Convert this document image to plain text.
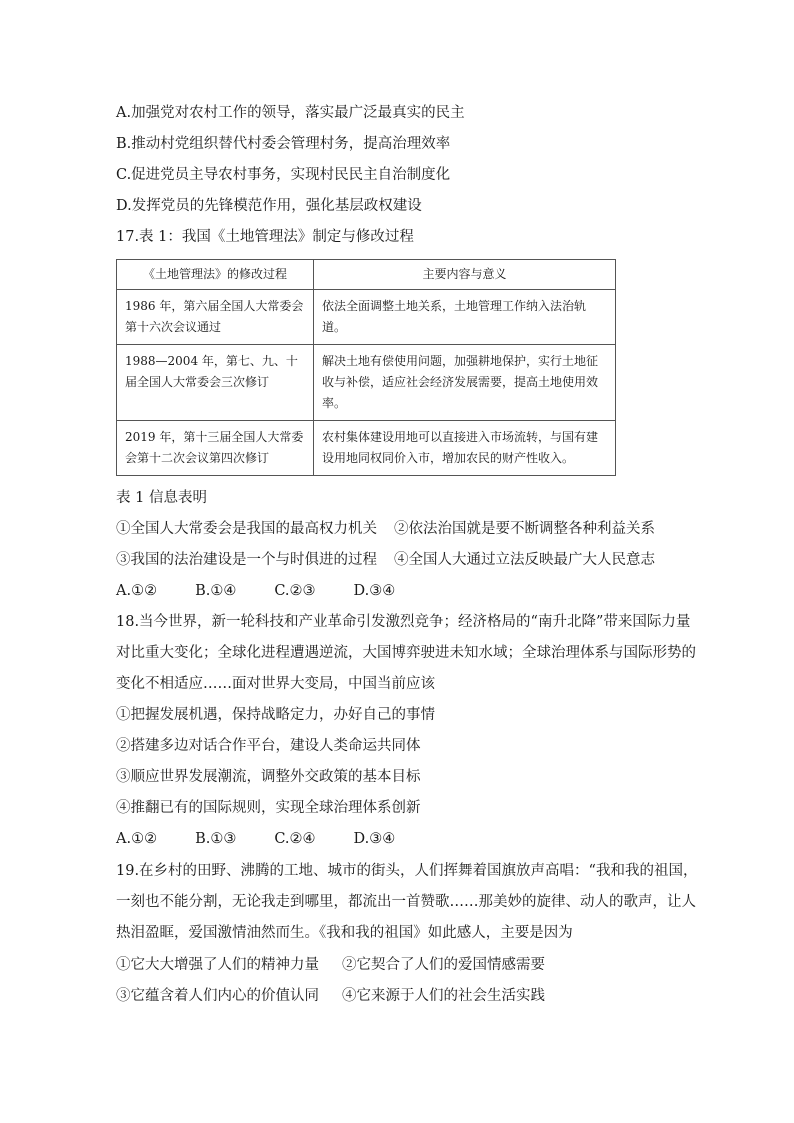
A.加强党对农村工作的领导，落实最广泛最真实的民主
B.推动村党组织替代村委会管理村务，提高治理效率
C.促进党员主导农村事务，实现村民民主自治制度化
D.发挥党员的先锋模范作用，强化基层政权建设
17.表 1：我国《土地管理法》制定与修改过程
《土地管理法》的修改过程	主要内容与意义
1986 年，第六届全国人大常委会第十六次会议通过	依法全面调整土地关系，土地管理工作纳入法治轨道。
1988—2004 年，第七、九、十届全国人大常委会三次修订	解决土地有偿使用问题，加强耕地保护，实行土地征收与补偿，适应社会经济发展需要，提高土地使用效率。
2019 年，第十三届全国人大常委会第十二次会议第四次修订	农村集体建设用地可以直接进入市场流转，与国有建设用地同权同价入市，增加农民的财产性收入。
表 1 信息表明
①全国人大常委会是我国的最高权力机关 ②依法治国就是要不断调整各种利益关系
③我国的法治建设是一个与时俱进的过程 ④全国人大通过立法反映最广大人民意志
A.①②	B.①④	C.②③	D.③④
18.当今世界，新一轮科技和产业革命引发激烈竞争；经济格局的“南升北降”带来国际力量
对比重大变化；全球化进程遭遇逆流，大国博弈驶进未知水域；全球治理体系与国际形势的
变化不相适应……面对世界大变局，中国当前应该
①把握发展机遇，保持战略定力，办好自己的事情
②搭建多边对话合作平台，建设人类命运共同体
③顺应世界发展潮流，调整外交政策的基本目标
④推翻已有的国际规则，实现全球治理体系创新
A.①②	B.①③	C.②④	D.③④
19.在乡村的田野、沸腾的工地、城市的街头，人们挥舞着国旗放声高唱：“我和我的祖国，
一刻也不能分割，无论我走到哪里，都流出一首赞歌……那美妙的旋律、动人的歌声，让人
热泪盈眶，爱国激情油然而生。《我和我的祖国》如此感人，主要是因为
①它大大增强了人们的精神力量 ②它契合了人们的爱国情感需要
③它蕴含着人们内心的价值认同 ④它来源于人们的社会生活实践
